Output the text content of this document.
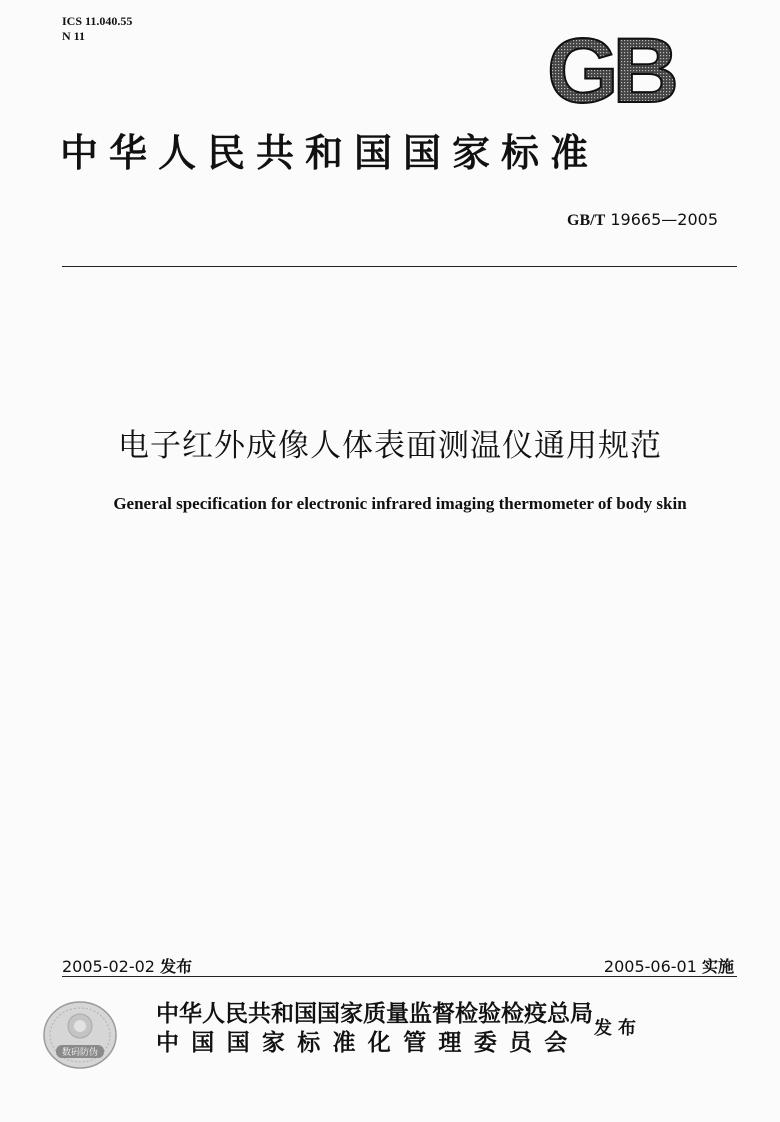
ICS 11.040.55
N 11	GB
中华人民共和国国家标准
GB/T 19665—2005
电子红外成像人体表面测温仪通用规范
General specification for electronic infrared imaging thermometer of body skin
2005-02-02 发布	2005-06-01 实施
数码防伪
中华人民共和国国家质量监督检验检疫总局
中国国家标准化管理委员会
发布
